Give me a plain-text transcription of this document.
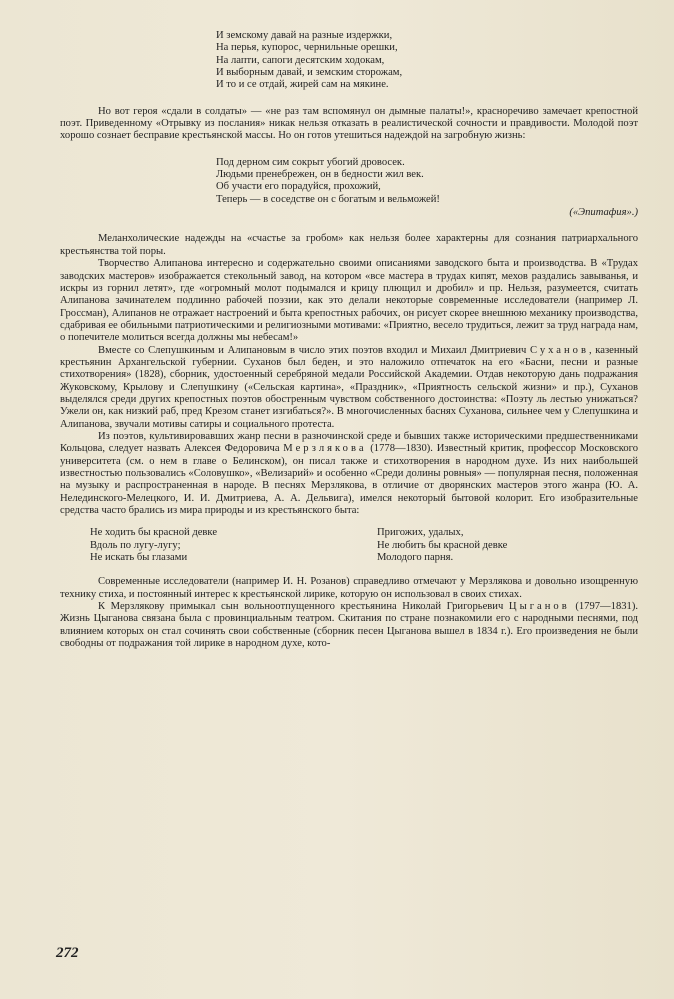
И земскому давай на разные издержки,
На перья, купорос, чернильные орешки,
На лапти, сапоги десятским ходокам,
И выборным давай, и земским сторожам,
И то и се отдай, жирей сам на мякине.

Но вот героя «сдали в солдаты» — «не раз там вспомянул он дымные палаты!», красноречиво замечает крепостной поэт. Приведенному «Отрывку из послания» никак нельзя отказать в реалистической сочности и правдивости. Молодой поэт хорошо сознает бесправие крестьянской массы. Но он готов утешиться надеждой на загробную жизнь:

Под дерном сим сокрыт убогий дровосек.
Людьми пренебрежен, он в бедности жил век.
Об участи его порадуйся, прохожий,
Теперь — в соседстве он с богатым и вельможей!
(«Эпитафия».)

Меланхолические надежды на «счастье за гробом» как нельзя более характерны для сознания патриархального крестьянства той поры.

Творчество Алипанова интересно и содержательно своими описаниями заводского быта и производства. В «Трудах заводских мастеров» изображается стекольный завод, на котором «все мастера в трудах кипят, мехов раздались завыванья, и искры из горнил летят», где «огромный молот подымался и крицу плющил и дробил» и пр. Нельзя, разумеется, считать Алипанова зачинателем подлинно рабочей поэзии, как это делали некоторые современные исследователи (например Л. Гроссман), Алипанов не отражает настроений и быта крепостных рабочих, он рисует скорее внешнюю механику производства, сдабривая ее обильными патриотическими и религиозными мотивами: «Приятно, весело трудиться, лежит за труд награда нам, о попечителе молиться всегда должны мы небесам!»

Вместе со Слепушкиным и Алипановым в число этих поэтов входил и Михаил Дмитриевич Суханов, казенный крестьянин Архангельской губернии. Суханов был беден, и это наложило отпечаток на его «Басни, песни и разные стихотворения» (1828), сборник, удостоенный серебряной медали Российской Академии. Отдав некоторую дань подражания Жуковскому, Крылову и Слепушкину («Сельская картина», «Праздник», «Приятность сельской жизни» и пр.), Суханов выделялся среди других крепостных поэтов обостренным чувством собственного достоинства: «Поэту ль лестью унижаться? Ужели он, как низкий раб, пред Крезом станет изгибаться?». В многочисленных баснях Суханова, сильнее чем у Слепушкина и Алипанова, звучали мотивы сатиры и социального протеста.

Из поэтов, культивировавших жанр песни в разночинской среде и бывших также историческими предшественниками Кольцова, следует назвать Алексея Федоровича Мерзлякова (1778—1830). Известный критик, профессор Московского университета (см. о нем в главе о Белинском), он писал также и стихотворения в народном духе. Из них наибольшей известностью пользовались «Соловушко», «Велизарий» и особенно «Среди долины ровныя» — популярная песня, положенная на музыку и распространенная в народе. В песнях Мерзлякова, в отличие от дворянских мастеров этого жанра (Ю. А. Нелединского-Мелецкого, И. И. Дмитриева, А. А. Дельвига), имелся некоторый бытовой колорит. Его изобразительные средства часто брались из мира природы и из крестьянского быта:

Не ходить бы красной девке
Вдоль по лугу-лугу;
Не искать бы глазами
Пригожих, удалых,
Не любить бы красной девке
Молодого парня.

Современные исследователи (например И. Н. Розанов) справедливо отмечают у Мерзлякова и довольно изощренную технику стиха, и постоянный интерес к крестьянской лирике, которую он использовал в своих стихах.

К Мерзлякову примыкал сын вольноотпущенного крестьянина Николай Григорьевич Цыганов (1797—1831). Жизнь Цыганова связана была с провинциальным театром. Скитания по стране познакомили его с народными песнями, под влиянием которых он стал сочинять свои собственные (сборник песен Цыганова вышел в 1834 г.). Его произведения не были свободны от подражания той лирике в народном духе, кото-

272
